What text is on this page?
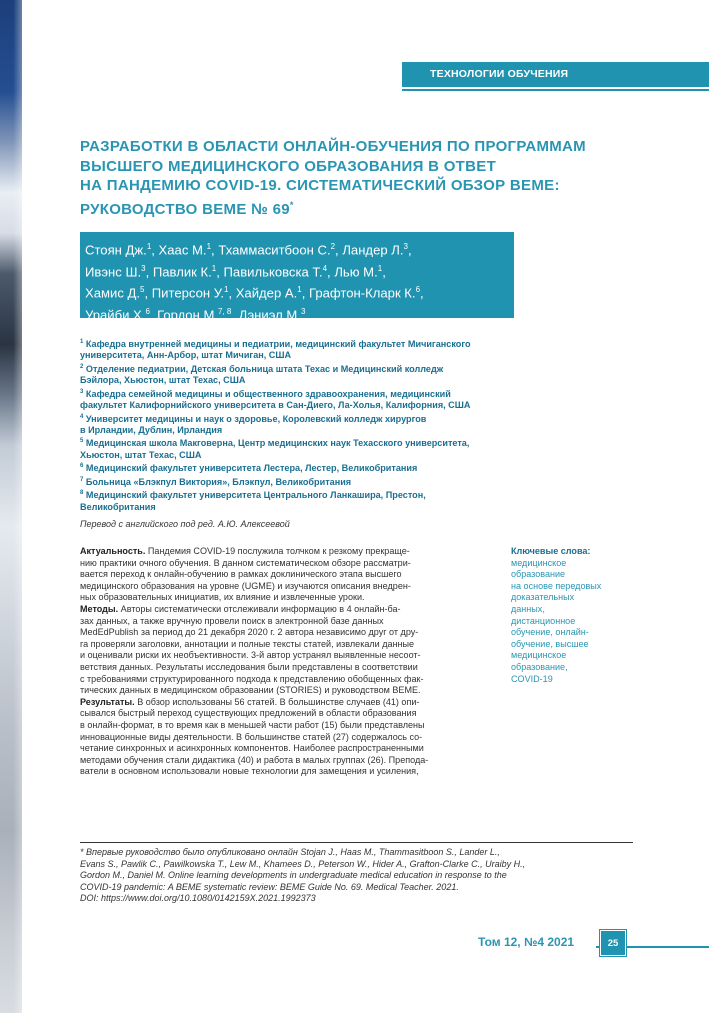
ТЕХНОЛОГИИ ОБУЧЕНИЯ
РАЗРАБОТКИ В ОБЛАСТИ ОНЛАЙН-ОБУЧЕНИЯ ПО ПРОГРАММАМ
ВЫСШЕГО МЕДИЦИНСКОГО ОБРАЗОВАНИЯ В ОТВЕТ
НА ПАНДЕМИЮ COVID-19. СИСТЕМАТИЧЕСКИЙ ОБЗОР BEME:
РУКОВОДСТВО BEME № 69*

Стоян Дж.$^1$, Хаас М.$^1$, Тхаммаситбоон С.$^2$, Ландер Л.$^3$,
Ивэнс Ш.$^3$, Павлик К.$^1$, Павильковска Т.$^4$, Лью М.$^1$,
Хамис Д.$^5$, Питерсон У.$^1$, Хайдер А.$^1$, Графтон-Кларк К.$^6$,
Урайби Х.$^6$, Гордон М.$^{7, 8}$, Дэниэл М.$^3$

$^1$ Кафедра внутренней медицины и педиатрии, медицинский факультет Мичиганского
университета, Анн-Арбор, штат Мичиган, США
$^2$ Отделение педиатрии, Детская больница штата Техас и Медицинский колледж
Бэйлора, Хьюстон, штат Техас, США
$^3$ Кафедра семейной медицины и общественного здравоохранения, медицинский
факультет Калифорнийского университета в Сан-Диего, Ла-Холья, Калифорния, США
$^4$ Университет медицины и наук о здоровье, Королевский колледж хирургов
в Ирландии, Дублин, Ирландия
$^5$ Медицинская школа Макговерна, Центр медицинских наук Техасского университета,
Хьюстон, штат Техас, США
$^6$ Медицинский факультет университета Лестера, Лестер, Великобритания
$^7$ Больница «Блэкпул Виктория», Блэкпул, Великобритания
$^8$ Медицинский факультет университета Центрального Ланкашира, Престон,
Великобритания

Перевод с английского под ред. А.Ю. Алексеевой

Актуальность. Пандемия COVID-19 послужила толчком к резкому прекраще-
нию практики очного обучения. В данном систематическом обзоре рассматри-
вается переход к онлайн-обучению в рамках доклинического этапа высшего
медицинского образования на уровне (UGME) и изучаются описания внедрен-
ных образовательных инициатив, их влияние и извлеченные уроки.

Методы. Авторы систематически отслеживали информацию в 4 онлайн-ба-
зах данных, а также вручную провели поиск в электронной базе данных
MedEdPublish за период до 21 декабря 2020 г. 2 автора независимо друг от дру-
га проверяли заголовки, аннотации и полные тексты статей, извлекали данные
и оценивали риски их необъективности. 3-й автор устранял выявленные несоот-
ветствия данных. Результаты исследования были представлены в соответствии
с требованиями структурированного подхода к представлению обобщенных фак-
тических данных в медицинском образовании (STORIES) и руководством BEME.

Результаты. В обзор использованы 56 статей. В большинстве случаев (41) опи-
сывался быстрый переход существующих предложений в области образования
в онлайн-формат, в то время как в меньшей части работ (15) были представлены
инновационные виды деятельности. В большинстве статей (27) содержалось со-
четание синхронных и асинхронных компонентов. Наиболее распространенными
методами обучения стали дидактика (40) и работа в малых группах (26). Препода-
ватели в основном использовали новые технологии для замещения и усиления,

Ключевые слова:
медицинское
образование
на основе передовых
доказательных
данных,
дистанционное
обучение, онлайн-
обучение, высшее
медицинское
образование,
COVID-19

* Впервые руководство было опубликовано онлайн Stojan J., Haas M., Thammasitboon S., Lander L.,
Evans S., Pawlik C., Pawilkowska T., Lew M., Khamees D., Peterson W., Hider A., Grafton-Clarke C., Uraiby H.,
Gordon M., Daniel M. Online learning developments in undergraduate medical education in response to the
COVID-19 pandemic: A BEME systematic review: BEME Guide No. 69. Medical Teacher. 2021.
DOI: https://www.doi.org/10.1080/0142159X.2021.1992373

Том 12, №4 2021	25
